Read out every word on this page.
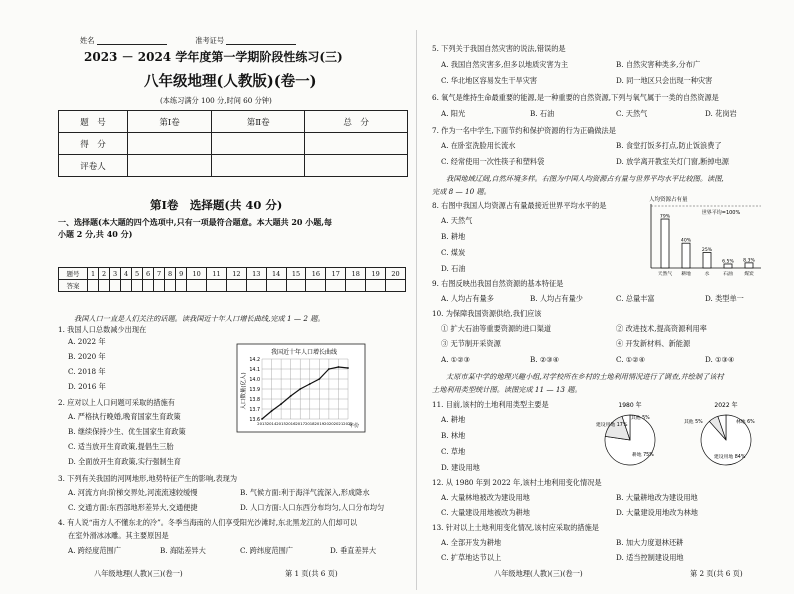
姓名	准考证号
2023 － 2024 学年度第一学期阶段性练习(三)
八年级地理(人教版)(卷一)
(本练习满分 100 分,时间 60 分钟)
题　号	第Ⅰ卷	第Ⅱ卷	总　分
得　分			
评卷人			
第Ⅰ卷　选择题(共 40 分)
一、选择题(本大题的四个选项中,只有一项最符合题意。本大题共 20 小题,每
小题 2 分,共 40 分)
题号	1	2	3	4	5	6	7	8	9	10	11	12	13	14	15	16	17	18	19	20
答案																				
我国人口一直是人们关注的话题。读我国近十年人口增长曲线,完成 1 — 2 题。
1. 我国人口总数减少出现在
A. 2022 年
B. 2020 年
C. 2018 年
D. 2016 年
2. 应对以上人口问题可采取的措施有
A. 严格执行晚婚,晚育国家生育政策
B. 继续保持少生、优生国家生育政策
C. 适当放开生育政策,提倡生三胎
D. 全面放开生育政策,实行强制生育
3. 下列有关我国的河网地形,地势特征产生的影响,表现为
A. 河流方向:阶梯交界处,河流流速较缓慢	B. 气候方面:利于海洋气流深入,形成降水
C. 交通方面:东西部地形差异大,交通便捷	D. 人口方面:人口东西分布均匀,人口分布均匀
4. 有人说“南方人不懂东北的冷”。冬季当海南的人们享受阳光沙滩时,东北黑龙江的人们却可以
在室外滑冰冰雕。其主要原因是
A. 跨经度范围广	B. 海陆差异大	C. 跨纬度范围广	D. 垂直差异大
我国近十年人口增长曲线
人口数量(亿人)
年份
13.6
13.7
13.8
13.9
14.0
14.1
14.2
2013 2014 2015 2016 2017 2018 2019 2020 2021 2022
八年级地理(人教)(三)(卷一)	第 1 页(共 6 页)
5. 下列关于我国自然灾害的说法,错误的是
A. 我国自然灾害多,但多以地质灾害为主	B. 自然灾害种类多,分布广
C. 华北地区容易发生干旱灾害	D. 同一地区只会出现一种灾害
6. 氧气是维持生命最重要的能源,是一种重要的自然资源,下列与氧气属于一类的自然资源是
A. 阳光	B. 石油	C. 天然气	D. 花岗岩
7. 作为一名中学生,下面节约和保护资源的行为正确做法是
A. 在卧室洗脸用长流水	B. 食堂打饭多打点,防止饭浪费了
C. 经常使用一次性筷子和塑料袋	D. 放学离开教室关灯门窗,断掉电源
我国地域辽阔,自然环境多样。右图为中国人均资源占有量与世界平均水平比较图。读图,
完成 8 — 10 题。
8. 右图中我国人均资源占有量最接近世界平均水平的是
A. 天然气
B. 耕地
C. 煤炭
D. 石油
人均资源占有量
世界平均=100%
79%
天然气
40%
耕地
25%
水
6.5%
石油
8.3%
煤炭
9. 右图反映出我国自然资源的基本特征是
A. 人均占有量多	B. 人均占有量少	C. 总量丰富	D. 类型单一
10. 为保障我国资源供给,我们应该
① 扩大石油等重要资源的进口渠道	② 改进技术,提高资源利用率
③ 无节制开采资源	④ 开发新材料、新能源
A. ①②③	B. ②③④	C. ①②④	D. ①③④
太原市某中学的地理兴趣小组,对学校所在乡村的土地利用情况进行了调查,并绘制了该村
土地利用类型统计图。读图完成 11 — 13 题。
11. 目前,该村的土地利用类型主要是
A. 耕地
B. 林地
C. 草地
D. 建设用地
1980 年	2022 年
其他 5%
建设用地 17%
耕地 75%
其他 5%	林地 6%
建设用地 84%
12. 从 1980 年到 2022 年,该村土地利用变化情况是
A. 大量林地被改为建设用地	B. 大量耕地改为建设用地
C. 大量建设用地被改为耕地	D. 大量建设用地改为林地
13. 针对以上土地利用变化情况,该村应采取的措施是
A. 全部开发为耕地	B. 加大力度退林还耕
C. 扩草地达节以上	D. 适当控制建设用地
八年级地理(人教)(三)(卷一)	第 2 页(共 6 页)
